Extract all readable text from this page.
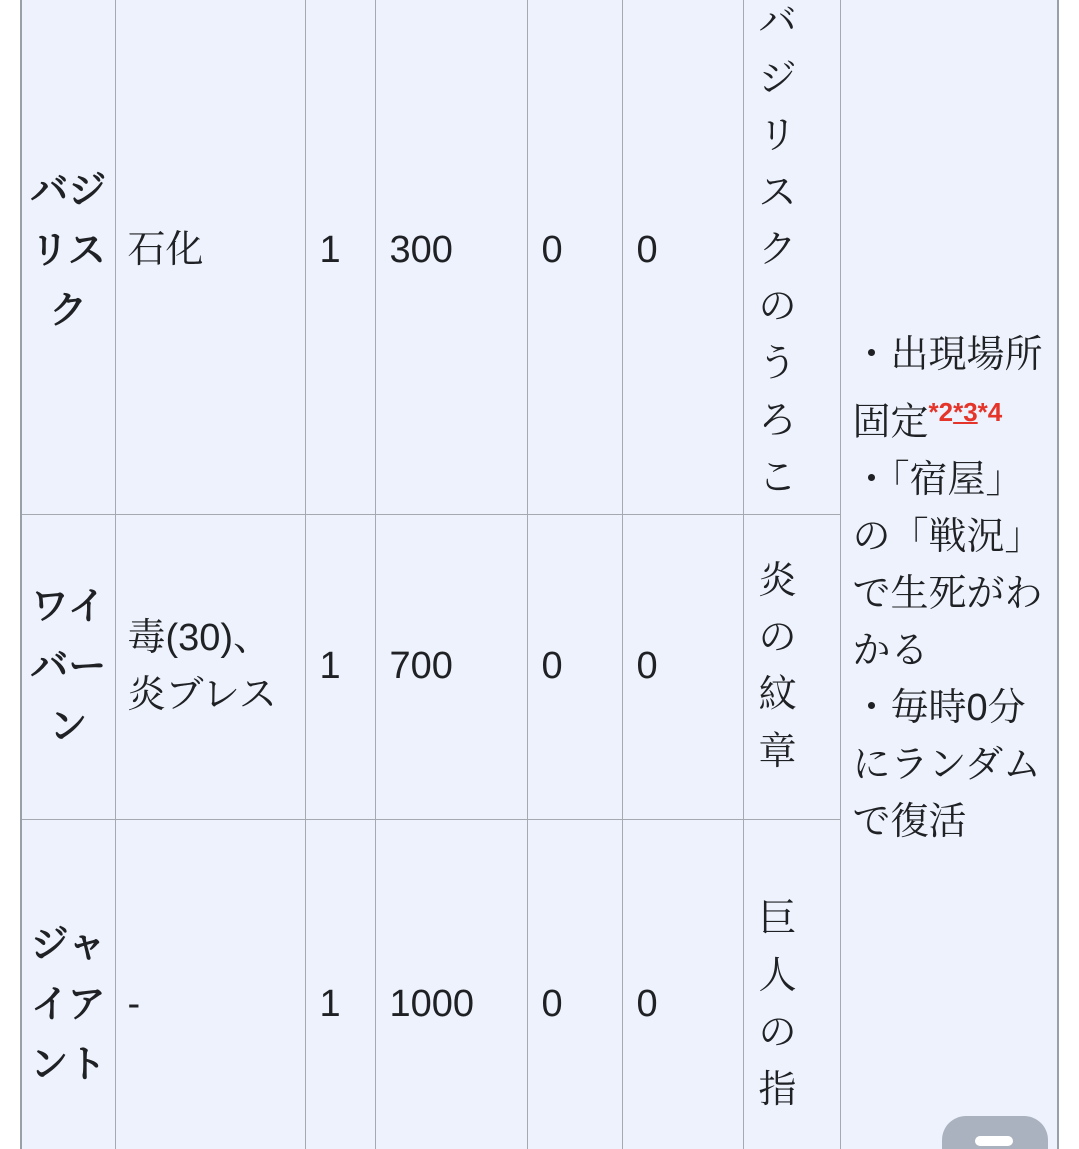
バジリスク	石化	1	300	0	0	バジリスクのうろこ	・出現場所固定$^{*2*3*4}$
・「宿屋」の「戦況」で生死がわかる
・毎時0分にランダムで復活

ワイバーン	毒(30)、炎ブレス	1	700	0	0	炎の紋章	
ジャイアント	-	1	1000	0	0	巨人の指	
